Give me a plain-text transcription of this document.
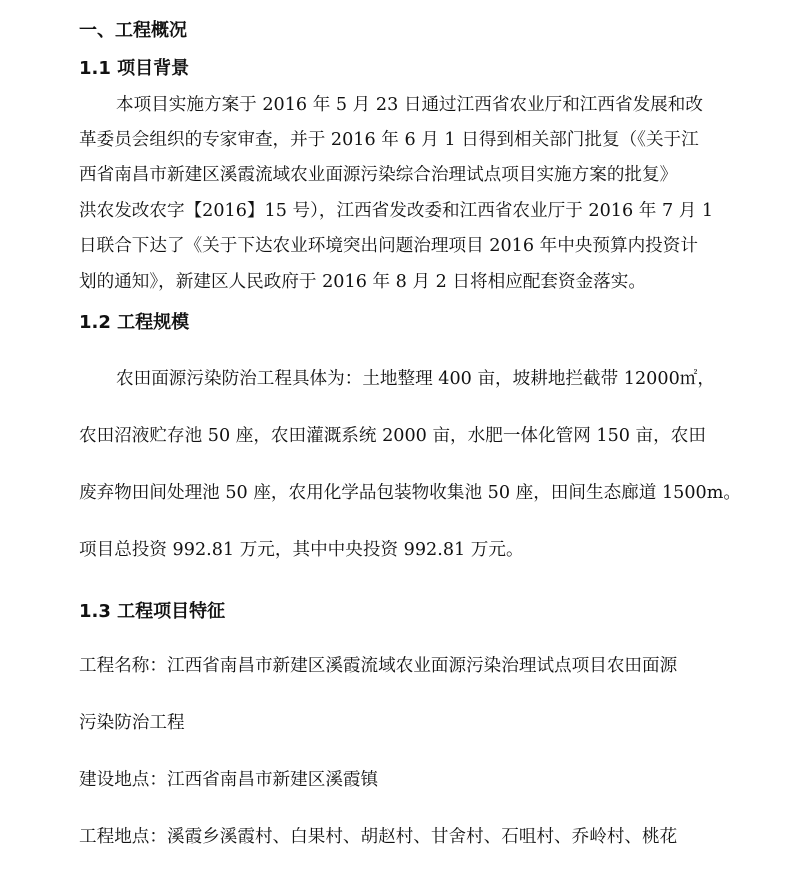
一、工程概况
1.1 项目背景
本项目实施方案于 2016 年 5 月 23 日通过江西省农业厅和江西省发展和改
革委员会组织的专家审查，并于 2016 年 6 月 1 日得到相关部门批复（《关于江
西省南昌市新建区溪霞流域农业面源污染综合治理试点项目实施方案的批复》
洪农发改农字【2016】15 号），江西省发改委和江西省农业厅于 2016 年 7 月 1
日联合下达了《关于下达农业环境突出问题治理项目 2016 年中央预算内投资计
划的通知》，新建区人民政府于 2016 年 8 月 2 日将相应配套资金落实。
1.2 工程规模
农田面源污染防治工程具体为：土地整理 400 亩，坡耕地拦截带 12000㎡，
农田沼液贮存池 50 座，农田灌溉系统 2000 亩，水肥一体化管网 150 亩，农田
废弃物田间处理池 50 座，农用化学品包装物收集池 50 座，田间生态廊道 1500m。
项目总投资 992.81 万元，其中中央投资 992.81 万元。
1.3 工程项目特征
工程名称：江西省南昌市新建区溪霞流域农业面源污染治理试点项目农田面源
污染防治工程
建设地点：江西省南昌市新建区溪霞镇
工程地点：溪霞乡溪霞村、白果村、胡赵村、甘舍村、石咀村、乔岭村、桃花
